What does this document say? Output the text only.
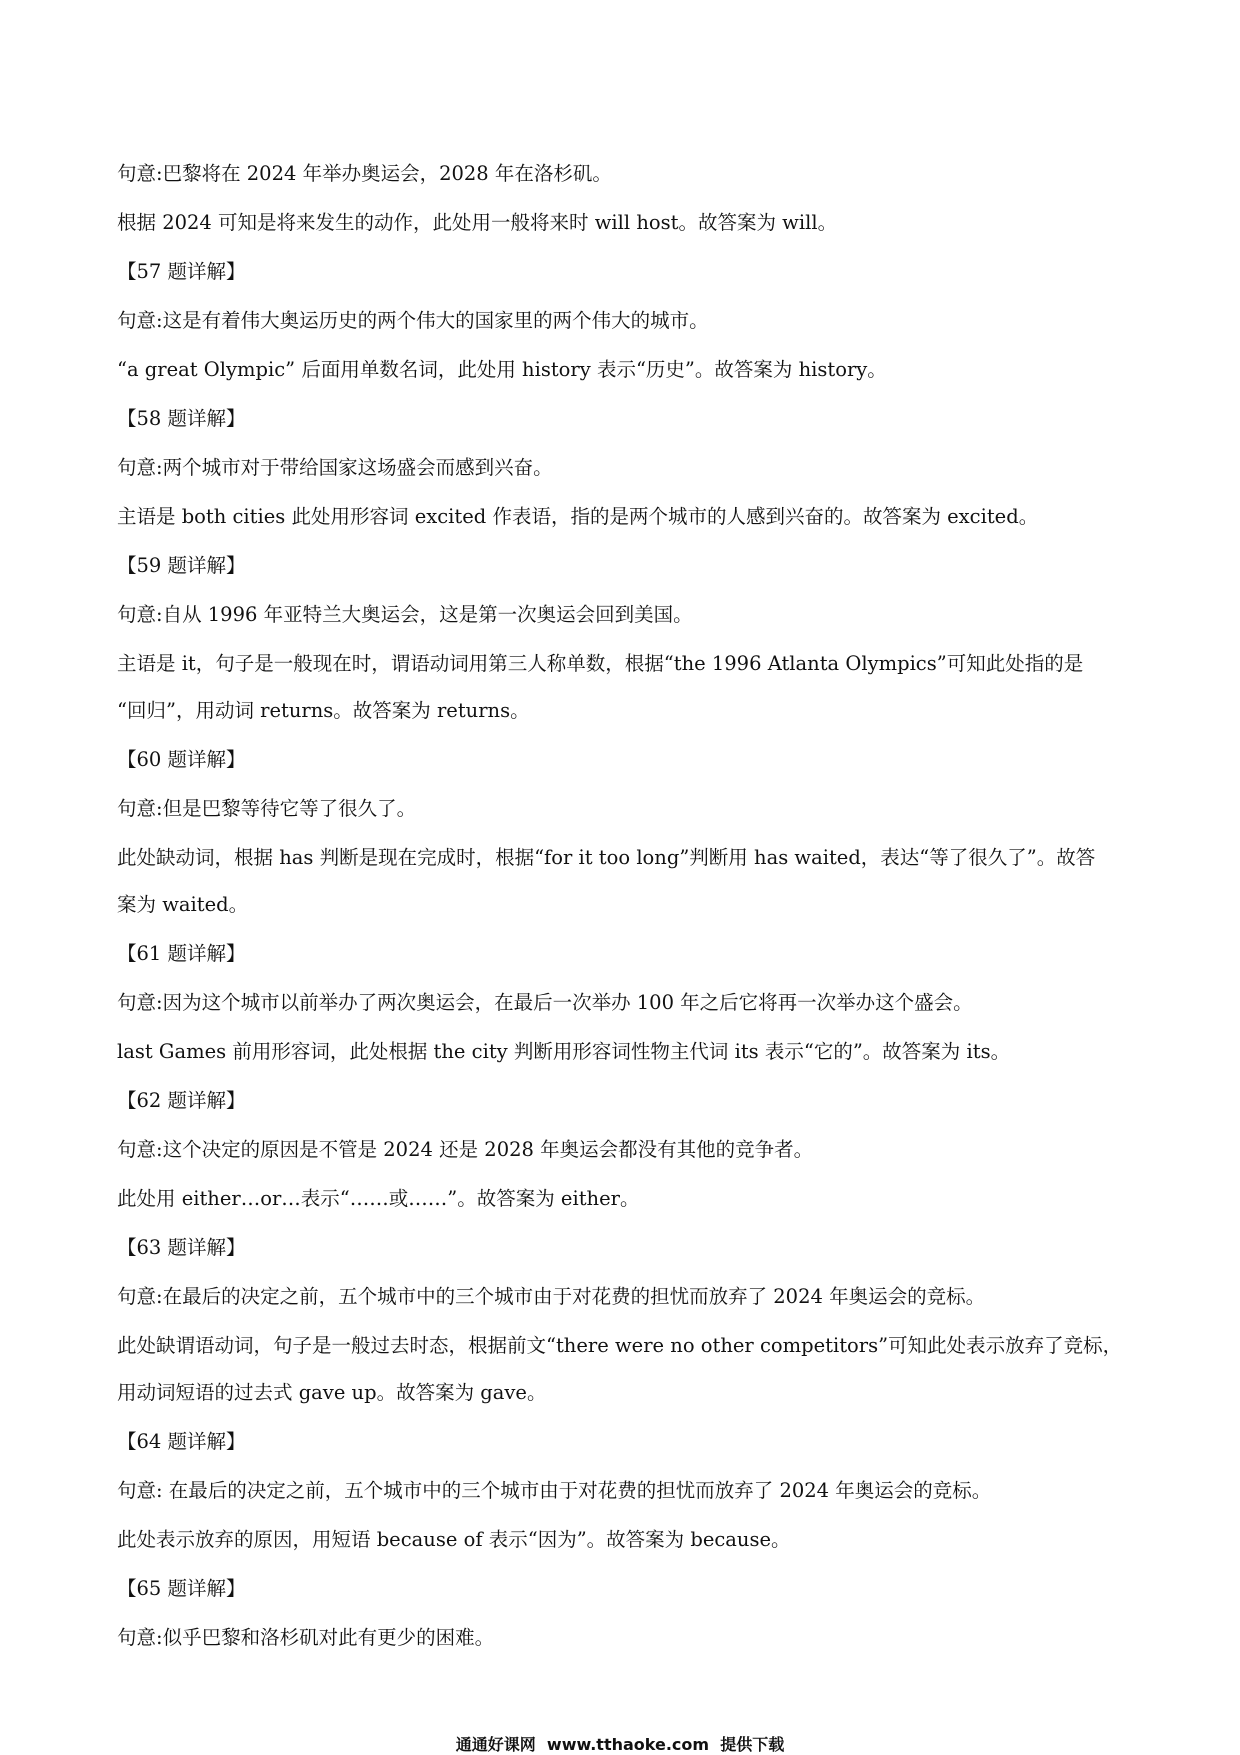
句意:巴黎将在 2024 年举办奥运会，2028 年在洛杉矶。
根据 2024 可知是将来发生的动作，此处用一般将来时 will host。故答案为 will。
【57 题详解】
句意:这是有着伟大奥运历史的两个伟大的国家里的两个伟大的城市。
“a great Olympic” 后面用单数名词，此处用 history 表示“历史”。故答案为 history。
【58 题详解】
句意:两个城市对于带给国家这场盛会而感到兴奋。
主语是 both cities 此处用形容词 excited 作表语，指的是两个城市的人感到兴奋的。故答案为 excited。
【59 题详解】
句意:自从 1996 年亚特兰大奥运会，这是第一次奥运会回到美国。
主语是 it，句子是一般现在时，谓语动词用第三人称单数，根据“the 1996 Atlanta Olympics”可知此处指的是
“回归”，用动词 returns。故答案为 returns。
【60 题详解】
句意:但是巴黎等待它等了很久了。
此处缺动词，根据 has 判断是现在完成时，根据“for it too long”判断用 has waited，表达“等了很久了”。故答
案为 waited。
【61 题详解】
句意:因为这个城市以前举办了两次奥运会，在最后一次举办 100 年之后它将再一次举办这个盛会。
last Games 前用形容词，此处根据 the city 判断用形容词性物主代词 its 表示“它的”。故答案为 its。
【62 题详解】
句意:这个决定的原因是不管是 2024 还是 2028 年奥运会都没有其他的竞争者。
此处用 either…or…表示“……或……”。故答案为 either。
【63 题详解】
句意:在最后的决定之前，五个城市中的三个城市由于对花费的担忧而放弃了 2024 年奥运会的竞标。
此处缺谓语动词，句子是一般过去时态，根据前文“there were no other competitors”可知此处表示放弃了竞标，
用动词短语的过去式 gave up。故答案为 gave。
【64 题详解】
句意: 在最后的决定之前，五个城市中的三个城市由于对花费的担忧而放弃了 2024 年奥运会的竞标。
此处表示放弃的原因，用短语 because of 表示“因为”。故答案为 because。
【65 题详解】
句意:似乎巴黎和洛杉矶对此有更少的困难。
通通好课网  www.tthaoke.com  提供下载
